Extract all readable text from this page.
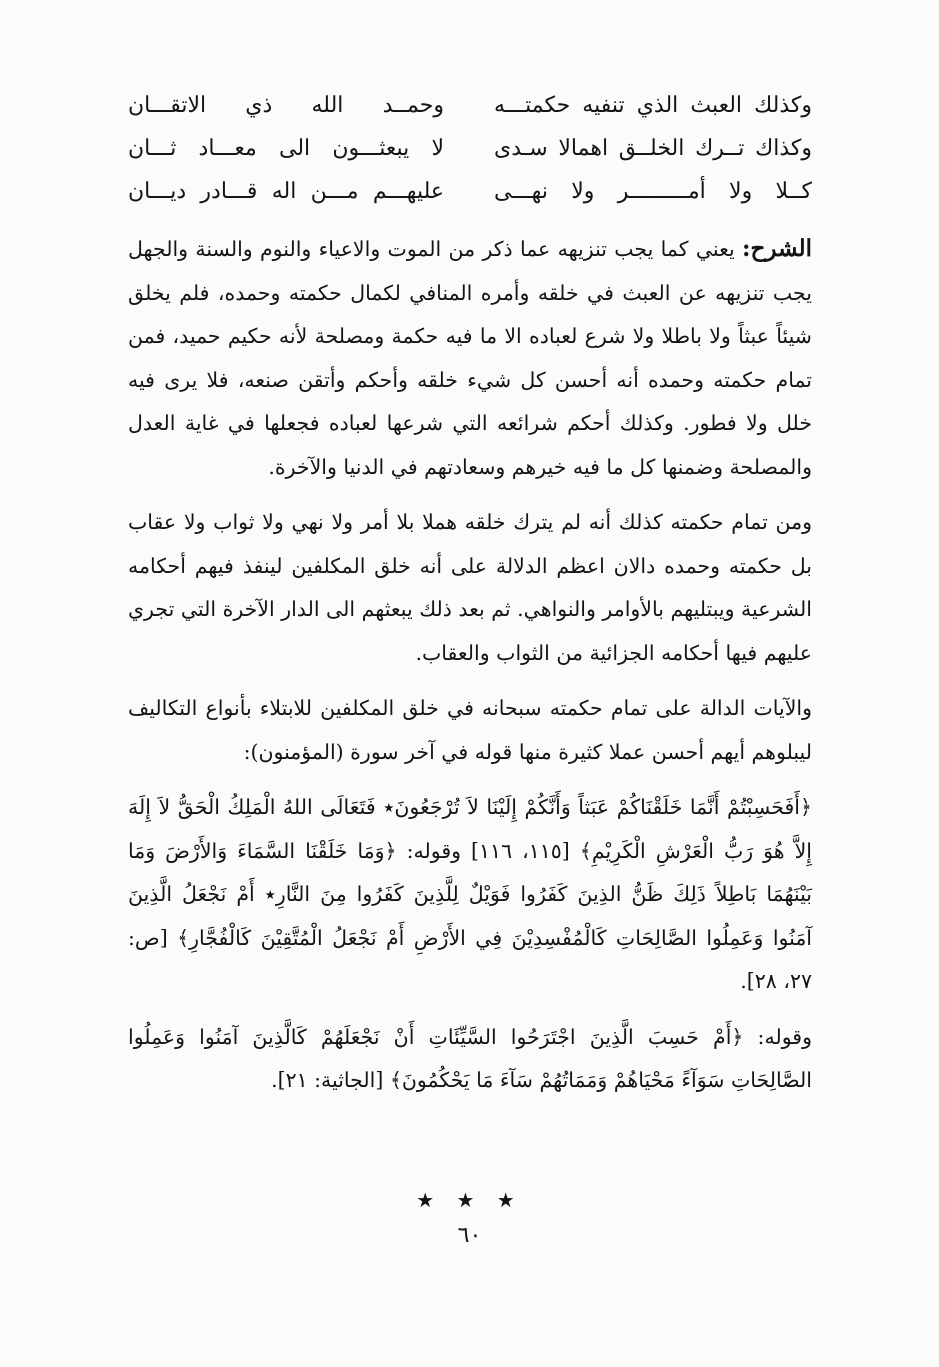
وكذلك العبث الذي تنفيه حكمتـــه
وحمــد الله ذي الاتقـــان
وكذاك تــرك الخلــق اهمالا سـدى
لا يبعثـــون الى معـــاد ثـــان
كــلا ولا أمـــــــــر ولا نهـــى
عليهـــم مـــن اله قـــادر ديـــان

الشرح: يعني كما يجب تنزيهه عما ذكر من الموت والاعياء والنوم والسنة والجهل يجب تنزيهه عن العبث في خلقه وأمره المنافي لكمال حكمته وحمده، فلم يخلق شيئاً عبثاً ولا باطلا ولا شرع لعباده الا ما فيه حكمة ومصلحة لأنه حكيم حميد، فمن تمام حكمته وحمده أنه أحسن كل شيء خلقه وأحكم وأتقن صنعه، فلا يرى فيه خلل ولا فطور. وكذلك أحكم شرائعه التي شرعها لعباده فجعلها في غاية العدل والمصلحة وضمنها كل ما فيه خيرهم وسعادتهم في الدنيا والآخرة.

ومن تمام حكمته كذلك أنه لم يترك خلقه هملا بلا أمر ولا نهي ولا ثواب ولا عقاب بل حكمته وحمده دالان اعظم الدلالة على أنه خلق المكلفين لينفذ فيهم أحكامه الشرعية ويبتليهم بالأوامر والنواهي. ثم بعد ذلك يبعثهم الى الدار الآخرة التي تجري عليهم فيها أحكامه الجزائية من الثواب والعقاب.

والآيات الدالة على تمام حكمته سبحانه في خلق المكلفين للابتلاء بأنواع التكاليف ليبلوهم أيهم أحسن عملا كثيرة منها قوله في آخر سورة (المؤمنون):

﴿أَفَحَسِبْتُمْ أَنَّمَا خَلَقْنَاكُمْ عَبَثاً وَأَنَّكُمْ إِلَيْنَا لاَ تُرْجَعُونَ٭ فَتَعَالَى اللهُ الْمَلِكُ الْحَقُّ لاَ إِلَهَ إِلاَّ هُوَ رَبُّ الْعَرْشِ الْكَرِيْمِ﴾ [١١٥، ١١٦] وقوله: ﴿وَمَا خَلَقْنَا السَّمَاءَ وَالأَرْضَ وَمَا بَيْنَهُمَا بَاطِلاً ذَلِكَ ظَنُّ الذِينَ كَفَرُوا فَوَيْلٌ لِلَّذِينَ كَفَرُوا مِنَ النَّارِ٭ أَمْ نَجْعَلُ الَّذِينَ آمَنُوا وَعَمِلُوا الصَّالِحَاتِ كَالْمُفْسِدِيْنَ فِي الأَرْضِ أَمْ نَجْعَلُ الْمُتَّقِيْنَ كَالْفُجَّارِ﴾ [ص: ٢٧، ٢٨].

وقوله: ﴿أَمْ حَسِبَ الَّذِينَ اجْتَرَحُوا السَّيِّئَاتِ أَنْ نَجْعَلَهُمْ كَالَّذِينَ آمَنُوا وَعَمِلُوا الصَّالِحَاتِ سَوَآءً مَحْيَاهُمْ وَمَمَاتُهُمْ سَآءَ مَا يَحْكُمُونَ﴾ [الجاثية: ٢١].

★ ★ ★
٦٠
